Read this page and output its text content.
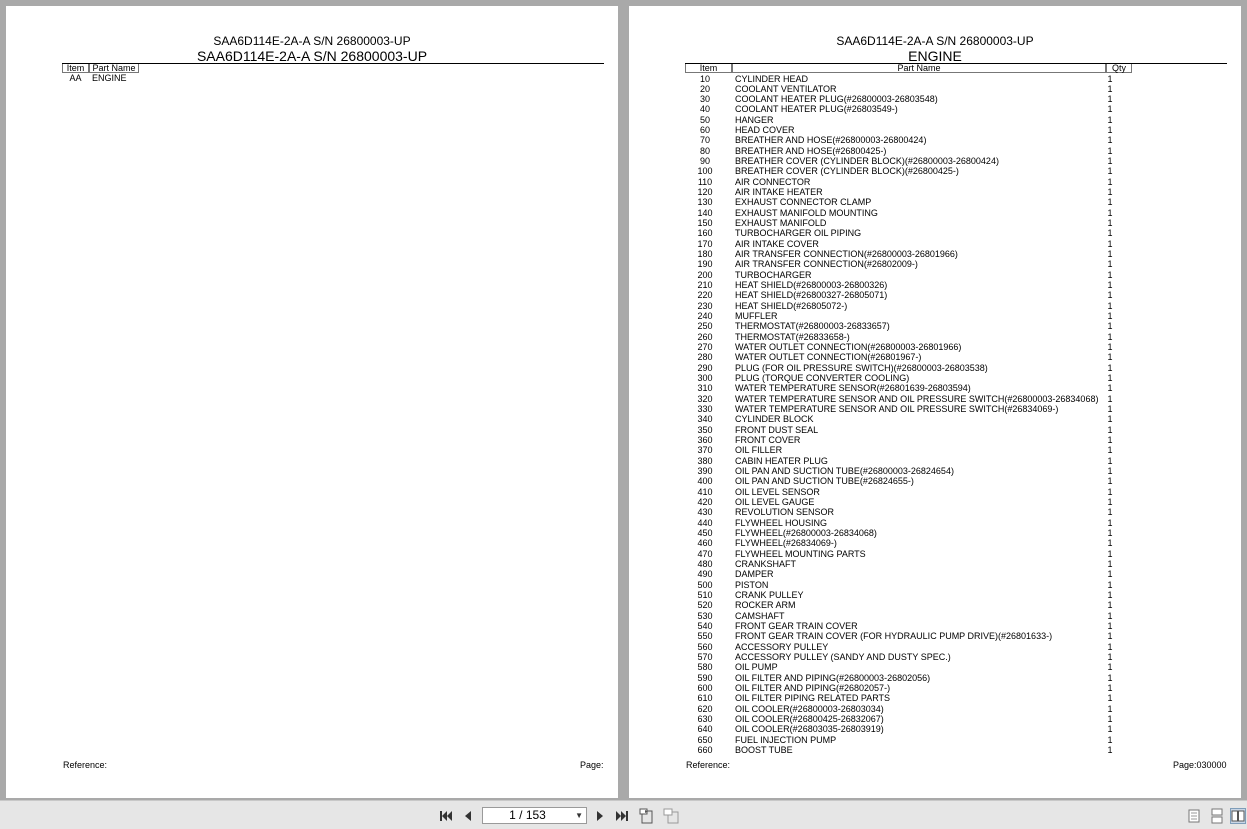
SAA6D114E-2A-A S/N 26800003-UP
SAA6D114E-2A-A S/N 26800003-UP
Item Part Name
AA	ENGINE
Reference:	Page:
SAA6D114E-2A-A S/N 26800003-UP
ENGINE
Item	Part Name	Qty
10	CYLINDER HEAD	1
20	COOLANT VENTILATOR	1
30	COOLANT HEATER PLUG(#26800003-26803548)	1
40	COOLANT HEATER PLUG(#26803549-)	1
50	HANGER	1
60	HEAD COVER	1
70	BREATHER AND HOSE(#26800003-26800424)	1
80	BREATHER AND HOSE(#26800425-)	1
90	BREATHER COVER (CYLINDER BLOCK)(#26800003-26800424)	1
100	BREATHER COVER (CYLINDER BLOCK)(#26800425-)	1
110	AIR CONNECTOR	1
120	AIR INTAKE HEATER	1
130	EXHAUST CONNECTOR CLAMP	1
140	EXHAUST MANIFOLD MOUNTING	1
150	EXHAUST MANIFOLD	1
160	TURBOCHARGER OIL PIPING	1
170	AIR INTAKE COVER	1
180	AIR TRANSFER CONNECTION(#26800003-26801966)	1
190	AIR TRANSFER CONNECTION(#26802009-)	1
200	TURBOCHARGER	1
210	HEAT SHIELD(#26800003-26800326)	1
220	HEAT SHIELD(#26800327-26805071)	1
230	HEAT SHIELD(#26805072-)	1
240	MUFFLER	1
250	THERMOSTAT(#26800003-26833657)	1
260	THERMOSTAT(#26833658-)	1
270	WATER OUTLET CONNECTION(#26800003-26801966)	1
280	WATER OUTLET CONNECTION(#26801967-)	1
290	PLUG (FOR OIL PRESSURE SWITCH)(#26800003-26803538)	1
300	PLUG (TORQUE CONVERTER COOLING)	1
310	WATER TEMPERATURE SENSOR(#26801639-26803594)	1
320	WATER TEMPERATURE SENSOR AND OIL PRESSURE SWITCH(#26800003-26834068) 1
330	WATER TEMPERATURE SENSOR AND OIL PRESSURE SWITCH(#26834069-)	1
340	CYLINDER BLOCK	1
350	FRONT DUST SEAL	1
360	FRONT COVER	1
370	OIL FILLER	1
380	CABIN HEATER PLUG	1
390	OIL PAN AND SUCTION TUBE(#26800003-26824654)	1
400	OIL PAN AND SUCTION TUBE(#26824655-)	1
410	OIL LEVEL SENSOR	1
420	OIL LEVEL GAUGE	1
430	REVOLUTION SENSOR	1
440	FLYWHEEL HOUSING	1
450	FLYWHEEL(#26800003-26834068)	1
460	FLYWHEEL(#26834069-)	1
470	FLYWHEEL MOUNTING PARTS	1
480	CRANKSHAFT	1
490	DAMPER	1
500	PISTON	1
510	CRANK PULLEY	1
520	ROCKER ARM	1
530	CAMSHAFT	1
540	FRONT GEAR TRAIN COVER	1
550	FRONT GEAR TRAIN COVER (FOR HYDRAULIC PUMP DRIVE)(#26801633-)	1
560	ACCESSORY PULLEY	1
570	ACCESSORY PULLEY (SANDY AND DUSTY SPEC.)	1
580	OIL PUMP	1
590	OIL FILTER AND PIPING(#26800003-26802056)	1
600	OIL FILTER AND PIPING(#26802057-)	1
610	OIL FILTER PIPING RELATED PARTS	1
620	OIL COOLER(#26800003-26803034)	1
630	OIL COOLER(#26800425-26832067)	1
640	OIL COOLER(#26803035-26803919)	1
650	FUEL INJECTION PUMP	1
660	BOOST TUBE	1
Reference:	Page:030000
1 / 153	▼
